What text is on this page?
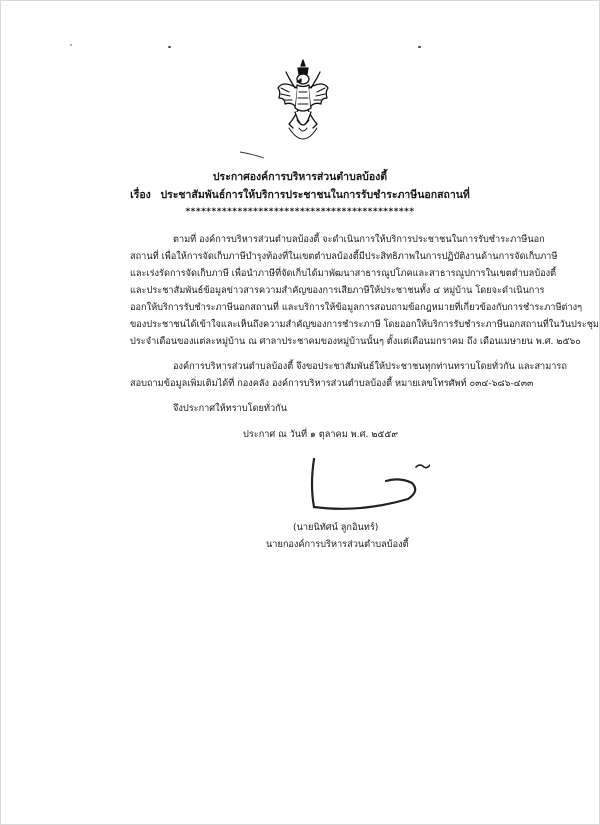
ประกาศองค์การบริหารส่วนตำบลบ้องตี้
เรื่อง ประชาสัมพันธ์การให้บริการประชาชนในการรับชำระภาษีนอกสถานที่
********************************************
ตามที่ องค์การบริหารส่วนตำบลบ้องตี้ จะดำเนินการให้บริการประชาชนในการรับชำระภาษีนอก
สถานที่ เพื่อให้การจัดเก็บภาษีบำรุงท้องที่ในเขตตำบลบ้องตี้มีประสิทธิภาพในการปฏิบัติงานด้านการจัดเก็บภาษี
และเร่งรัดการจัดเก็บภาษี เพื่อนำภาษีที่จัดเก็บได้มาพัฒนาสาธารณูปโภคและสาธารณูปการในเขตตำบลบ้องตี้
และประชาสัมพันธ์ข้อมูลข่าวสารความสำคัญของการเสียภาษีให้ประชาชนทั้ง ๔ หมู่บ้าน โดยจะดำเนินการ
ออกให้บริการรับชำระภาษีนอกสถานที่ และบริการให้ข้อมูลการสอบถามข้อกฎหมายที่เกี่ยวข้องกับการชำระภาษีต่างๆ
ของประชาชนได้เข้าใจและเห็นถึงความสำคัญของการชำระภาษี โดยออกให้บริการรับชำระภาษีนอกสถานที่ในวันประชุม
ประจำเดือนของแต่ละหมู่บ้าน ณ ศาลาประชาคมของหมู่บ้านนั้นๆ ตั้งแต่เดือนมกราคม ถึง เดือนเมษายน พ.ศ. ๒๕๖๐
องค์การบริหารส่วนตำบลบ้องตี้ จึงขอประชาสัมพันธ์ให้ประชาชนทุกท่านทราบโดยทั่วกัน และสามารถ
สอบถามข้อมูลเพิ่มเติมได้ที่ กองคลัง องค์การบริหารส่วนตำบลบ้องตี้ หมายเลขโทรศัพท์ ๐๓๔-๖๘๖-๔๓๓
จึงประกาศให้ทราบโดยทั่วกัน
ประกาศ ณ วันที่ ๑ ตุลาคม พ.ศ. ๒๕๕๙
(นายนิทัศน์ ลูกอินทร์)
นายกองค์การบริหารส่วนตำบลบ้องตี้
